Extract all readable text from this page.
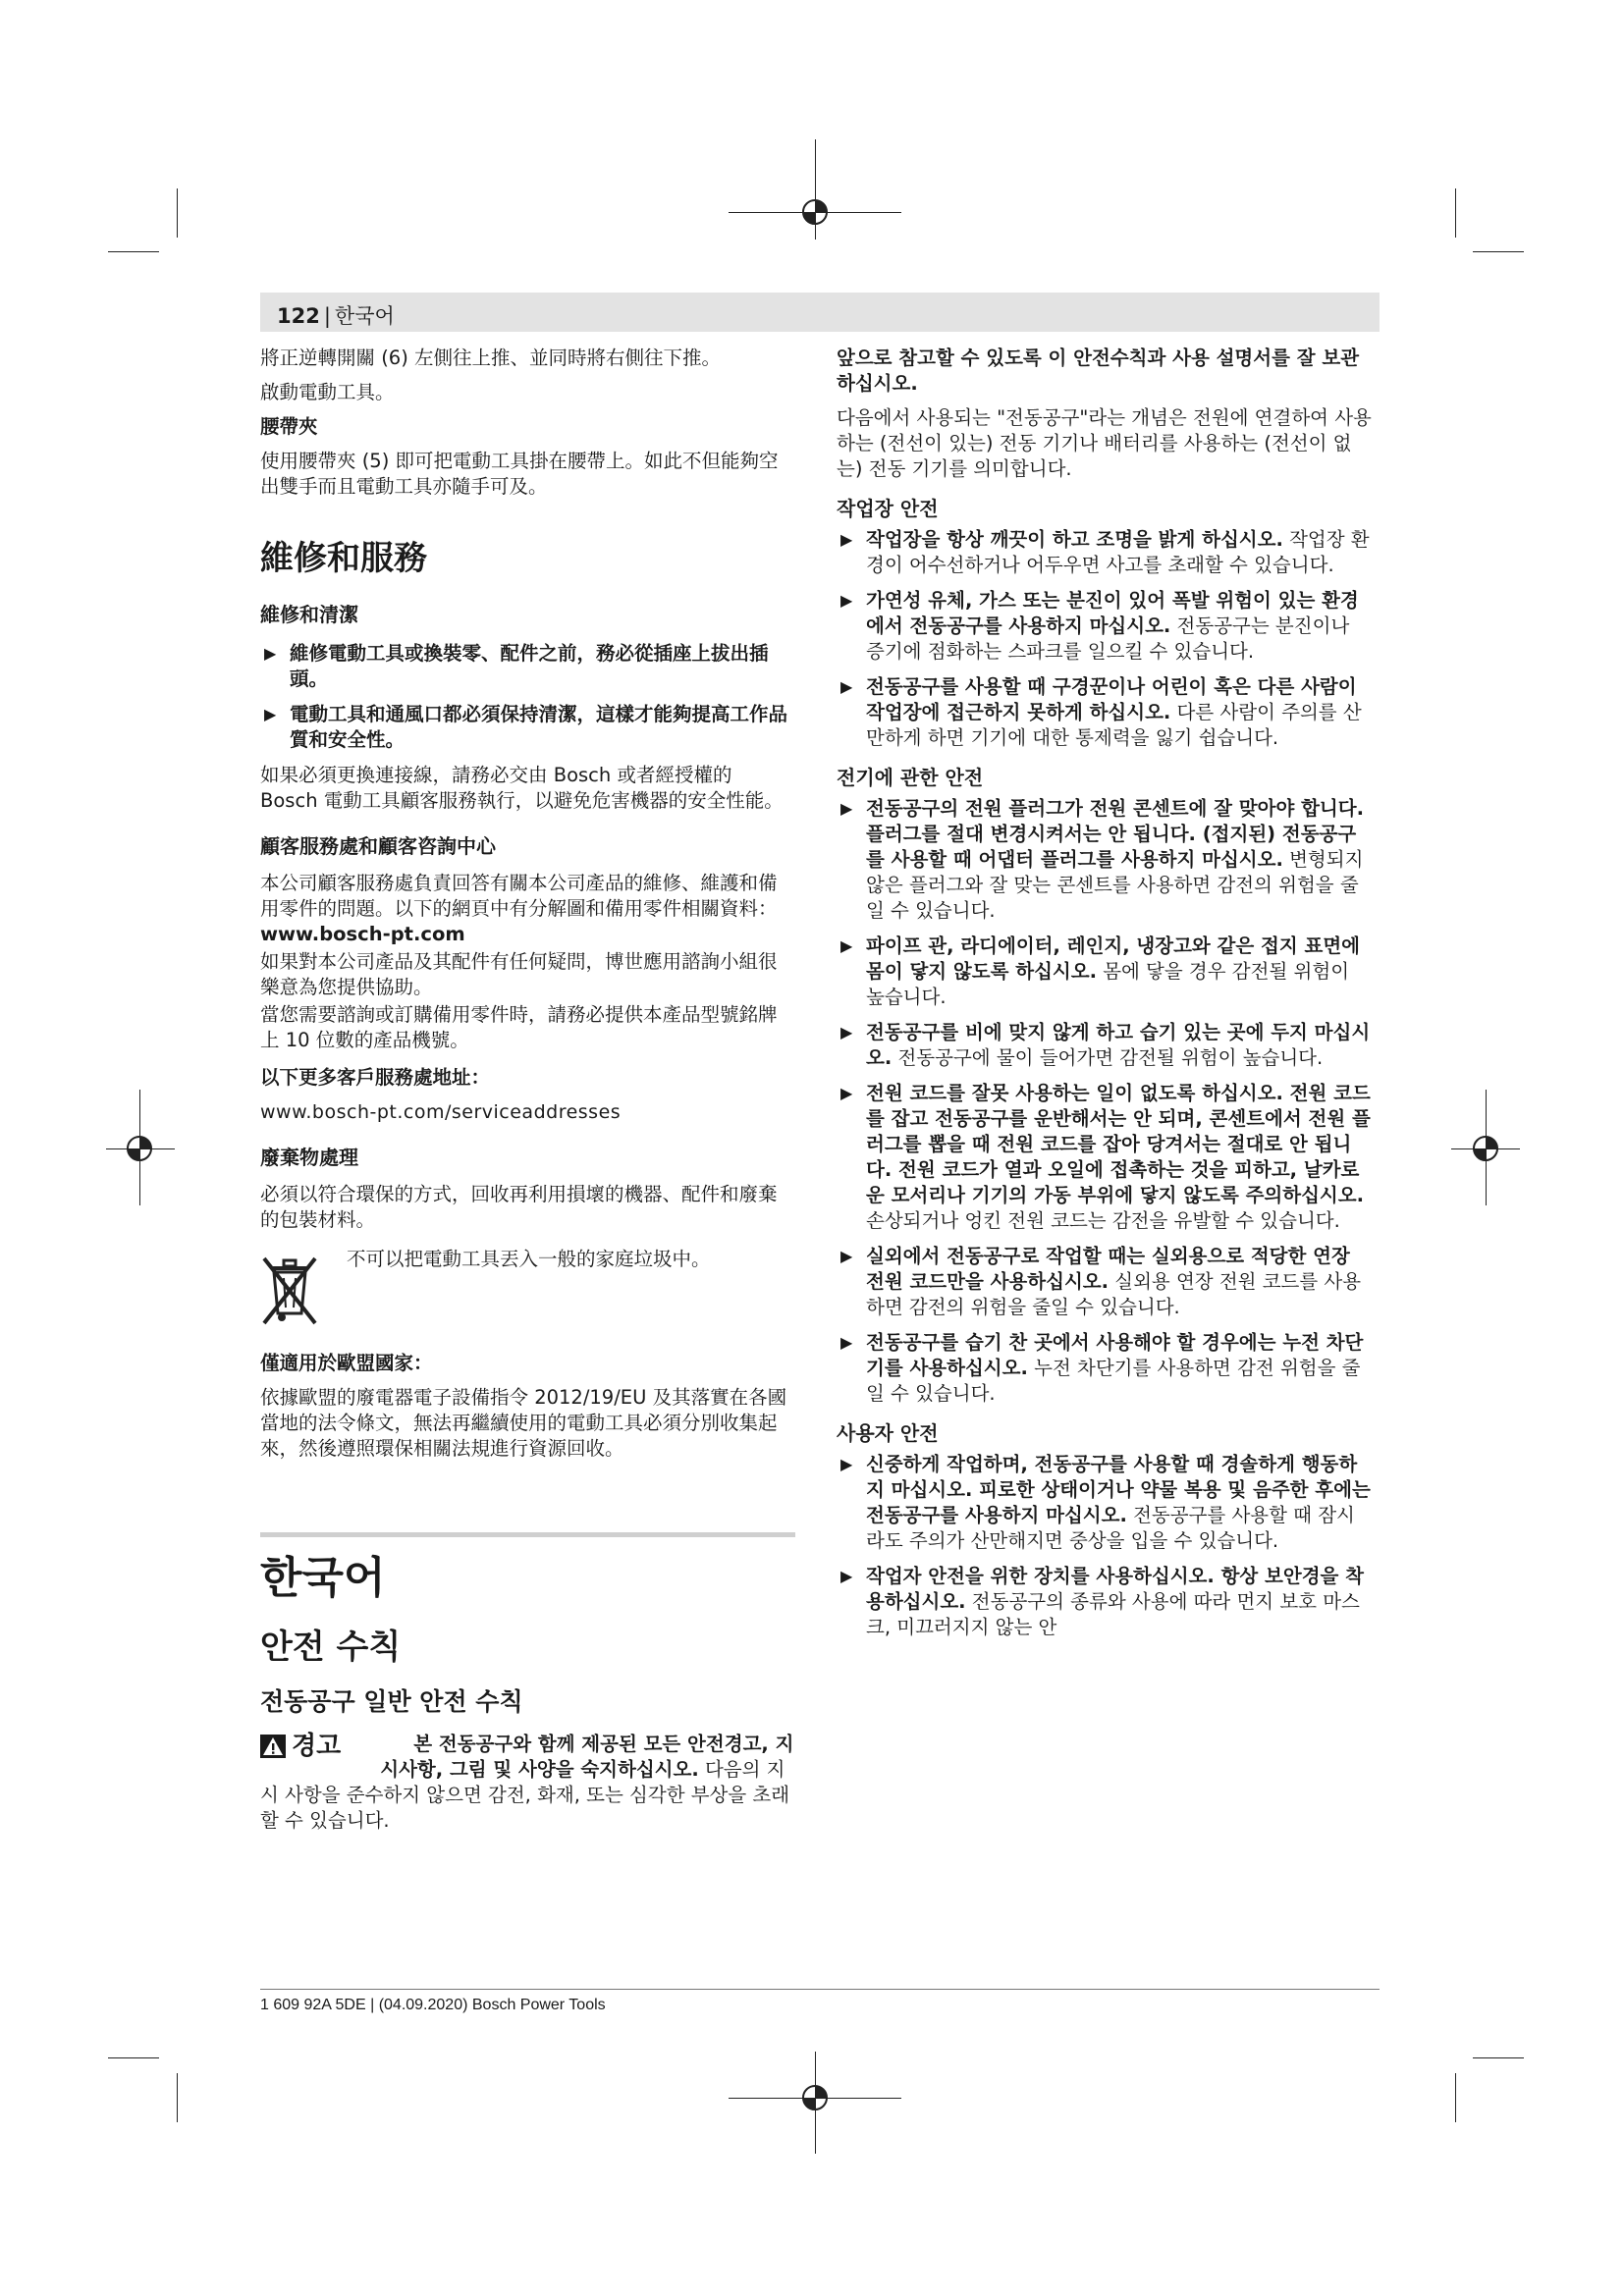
122 | 한국어

將正逆轉開關 (6) 左側往上推、並同時將右側往下推。

啟動電動工具。

腰帶夾

使用腰帶夾 (5) 即可把電動工具掛在腰帶上。如此不但能夠空出雙手而且電動工具亦隨手可及。

維修和服務
維修和清潔
▶ 維修電動工具或換裝零、配件之前，務必從插座上拔出插頭。
▶ 電動工具和通風口都必須保持清潔，這樣才能夠提高工作品質和安全性。

如果必須更換連接線，請務必交由 Bosch 或者經授權的 Bosch 電動工具顧客服務執行，以避免危害機器的安全性能。

顧客服務處和顧客咨詢中心

本公司顧客服務處負責回答有關本公司產品的維修、維護和備用零件的問題。以下的網頁中有分解圖和備用零件相關資料：www.bosch-pt.com

如果對本公司產品及其配件有任何疑問，博世應用諮詢小組很樂意為您提供協助。

當您需要諮詢或訂購備用零件時，請務必提供本產品型號銘牌上 10 位數的產品機號。

以下更多客戶服務處地址：

www.bosch-pt.com/serviceaddresses

廢棄物處理

必須以符合環保的方式，回收再利用損壞的機器、配件和廢棄的包裝材料。

不可以把電動工具丟入一般的家庭垃圾中。

僅適用於歐盟國家：

依據歐盟的廢電器電子設備指令 2012/19/EU 及其落實在各國當地的法令條文，無法再繼續使用的電動工具必須分別收集起來，然後遵照環保相關法規進行資源回收。

한국어
안전 수칙
전동공구 일반 안전 수칙
경고	본 전동공구와 함께 제공된 모든 안전경고, 지시사항, 그림 및 사양을 숙지하십시오. 다음의 지시 사항을 준수하지 않으면 감전, 화재, 또는 심각한 부상을 초래할 수 있습니다.

앞으로 참고할 수 있도록 이 안전수칙과 사용 설명서를 잘 보관하십시오.

다음에서 사용되는 "전동공구"라는 개념은 전원에 연결하여 사용하는 (전선이 있는) 전동 기기나 배터리를 사용하는 (전선이 없는) 전동 기기를 의미합니다.

작업장 안전
▶ 작업장을 항상 깨끗이 하고 조명을 밝게 하십시오. 작업장 환경이 어수선하거나 어두우면 사고를 초래할 수 있습니다.
▶ 가연성 유체, 가스 또는 분진이 있어 폭발 위험이 있는 환경에서 전동공구를 사용하지 마십시오. 전동공구는 분진이나 증기에 점화하는 스파크를 일으킬 수 있습니다.
▶ 전동공구를 사용할 때 구경꾼이나 어린이 혹은 다른 사람이 작업장에 접근하지 못하게 하십시오. 다른 사람이 주의를 산만하게 하면 기기에 대한 통제력을 잃기 쉽습니다.
전기에 관한 안전
▶ 전동공구의 전원 플러그가 전원 콘센트에 잘 맞아야 합니다. 플러그를 절대 변경시켜서는 안 됩니다. (접지된) 전동공구를 사용할 때 어댑터 플러그를 사용하지 마십시오. 변형되지 않은 플러그와 잘 맞는 콘센트를 사용하면 감전의 위험을 줄일 수 있습니다.
▶ 파이프 관, 라디에이터, 레인지, 냉장고와 같은 접지 표면에 몸이 닿지 않도록 하십시오. 몸에 닿을 경우 감전될 위험이 높습니다.
▶ 전동공구를 비에 맞지 않게 하고 습기 있는 곳에 두지 마십시오. 전동공구에 물이 들어가면 감전될 위험이 높습니다.
▶ 전원 코드를 잘못 사용하는 일이 없도록 하십시오. 전원 코드를 잡고 전동공구를 운반해서는 안 되며, 콘센트에서 전원 플러그를 뽑을 때 전원 코드를 잡아 당겨서는 절대로 안 됩니다. 전원 코드가 열과 오일에 접촉하는 것을 피하고, 날카로운 모서리나 기기의 가동 부위에 닿지 않도록 주의하십시오. 손상되거나 엉킨 전원 코드는 감전을 유발할 수 있습니다.
▶ 실외에서 전동공구로 작업할 때는 실외용으로 적당한 연장 전원 코드만을 사용하십시오. 실외용 연장 전원 코드를 사용하면 감전의 위험을 줄일 수 있습니다.
▶ 전동공구를 습기 찬 곳에서 사용해야 할 경우에는 누전 차단기를 사용하십시오. 누전 차단기를 사용하면 감전 위험을 줄일 수 있습니다.
사용자 안전
▶ 신중하게 작업하며, 전동공구를 사용할 때 경솔하게 행동하지 마십시오. 피로한 상태이거나 약물 복용 및 음주한 후에는 전동공구를 사용하지 마십시오. 전동공구를 사용할 때 잠시라도 주의가 산만해지면 중상을 입을 수 있습니다.
▶ 작업자 안전을 위한 장치를 사용하십시오. 항상 보안경을 착용하십시오. 전동공구의 종류와 사용에 따라 먼지 보호 마스크, 미끄러지지 않는 안
1 609 92A 5DE | (04.09.2020) Bosch Power Tools
